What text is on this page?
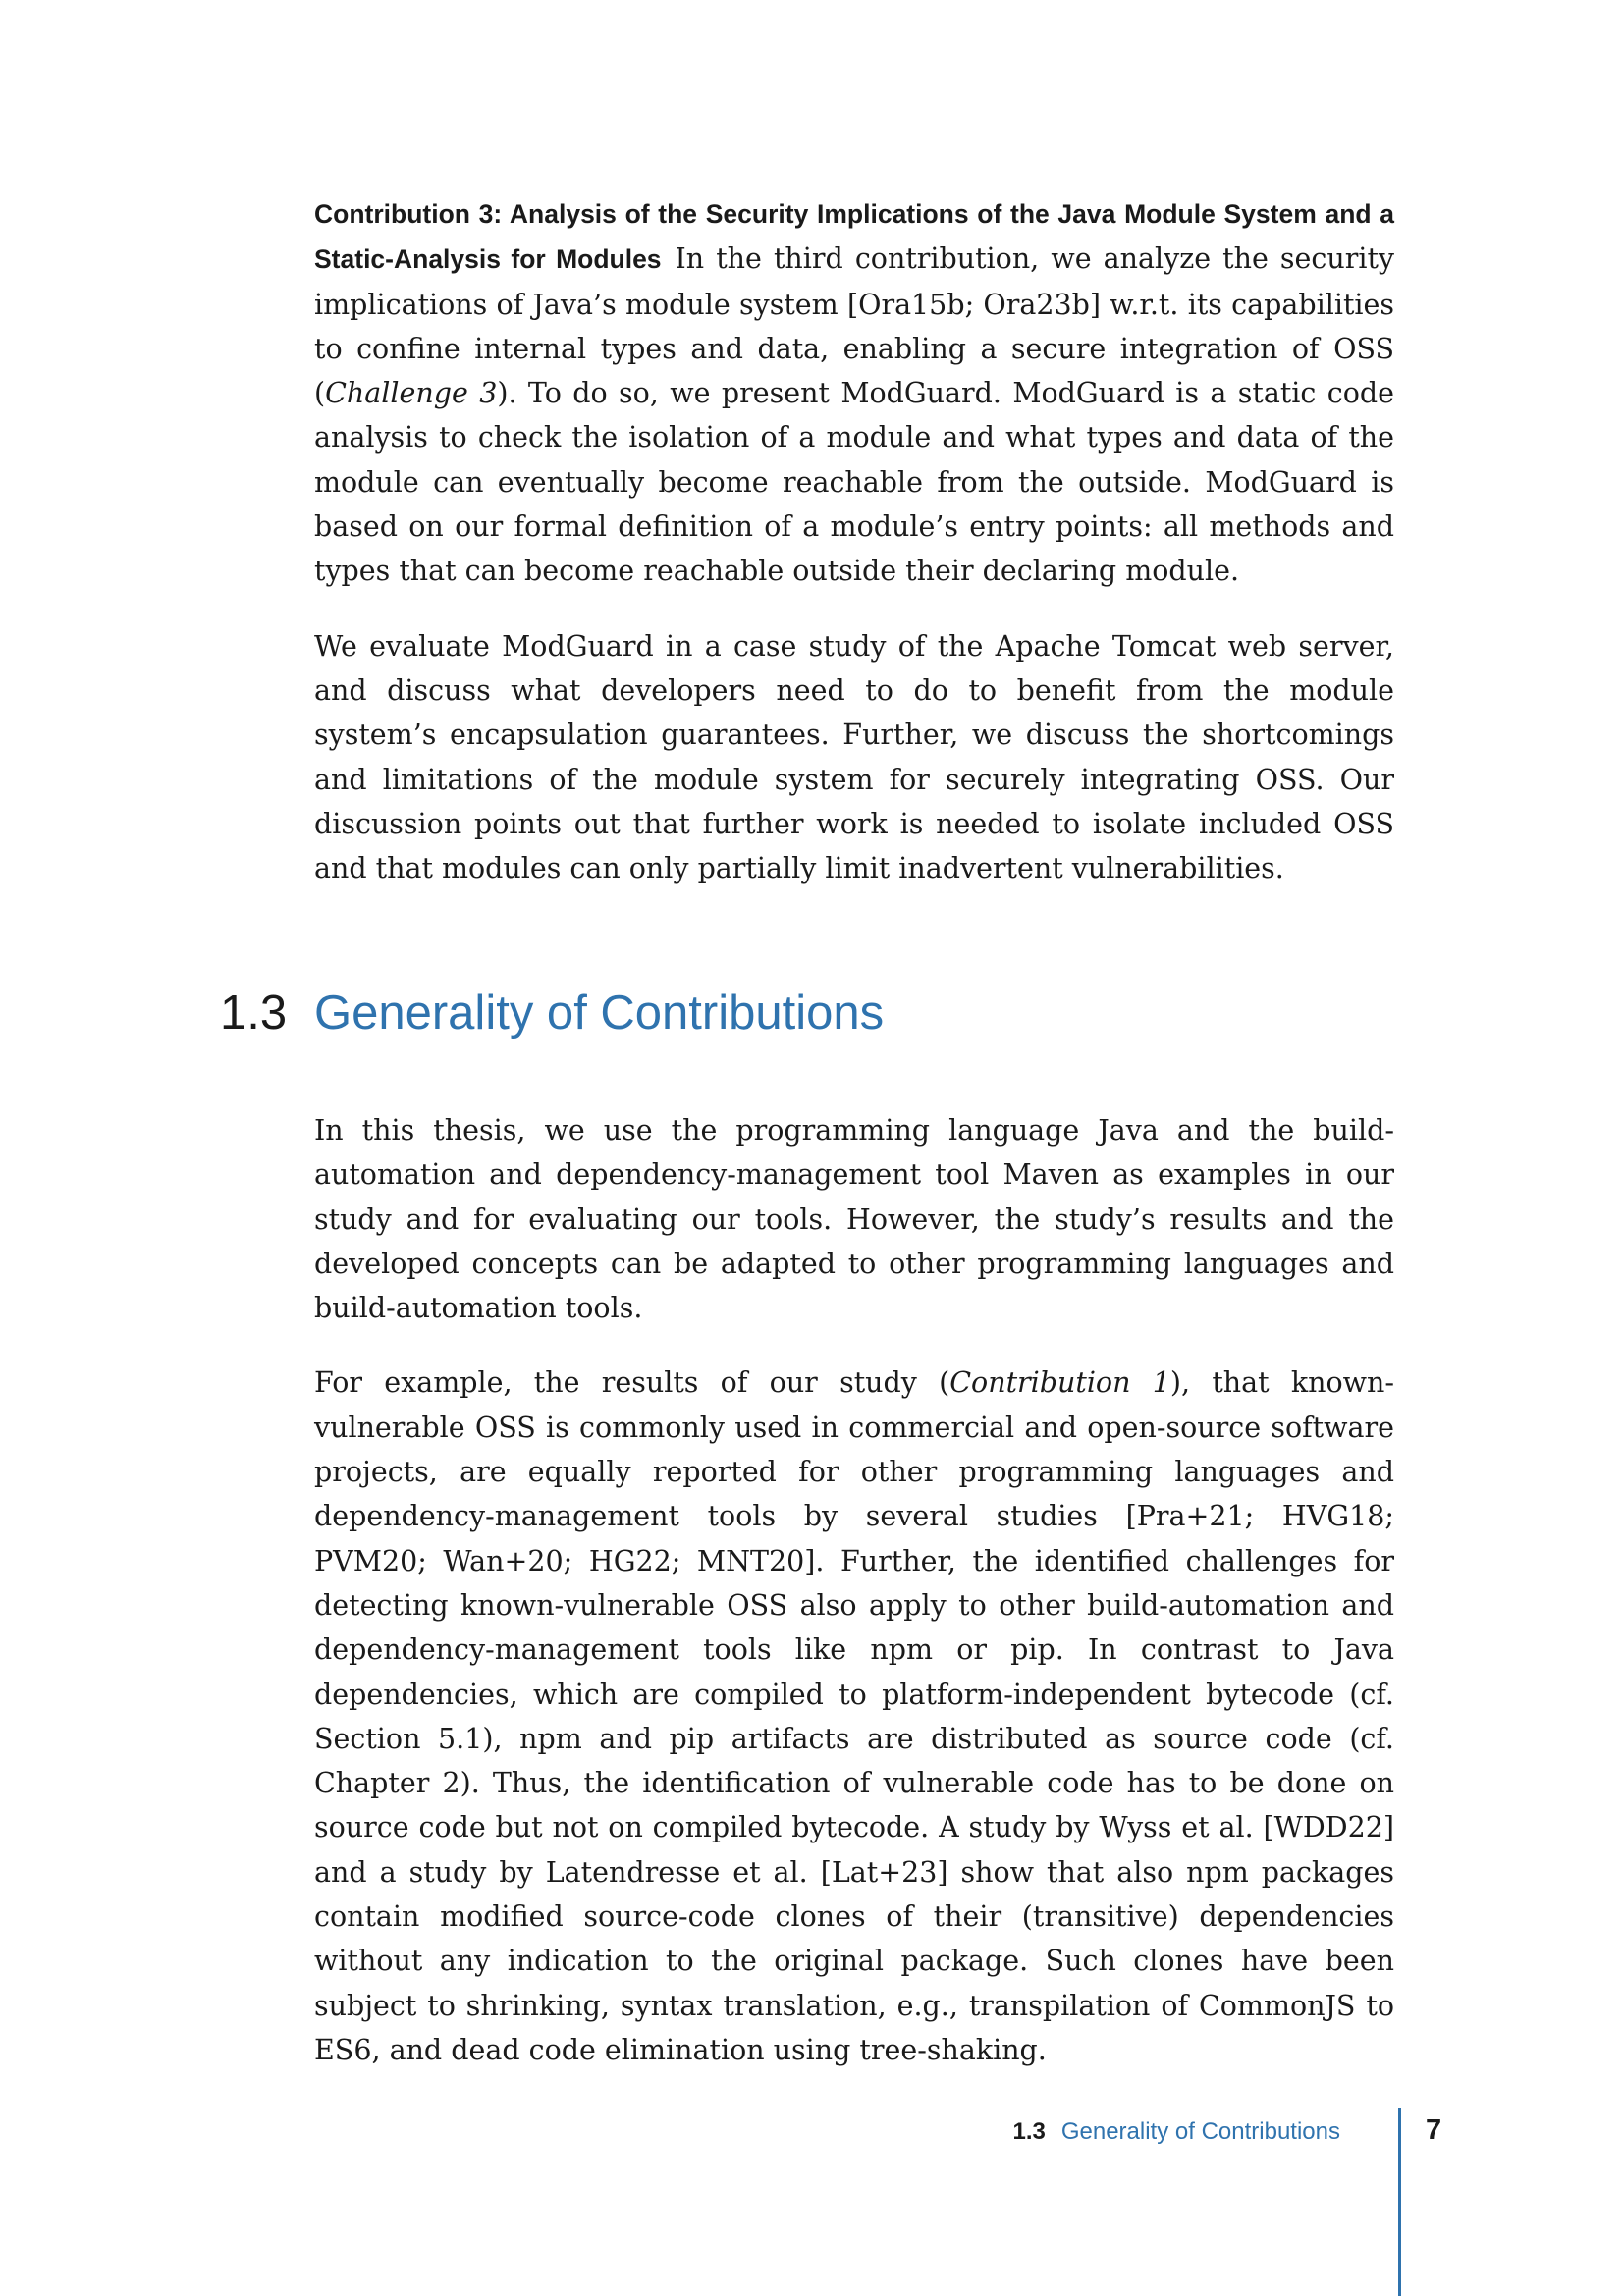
Contribution 3: Analysis of the Security Implications of the Java Module System and a Static-Analysis for Modules In the third contribution, we analyze the security implications of Java’s module system [Ora15b; Ora23b] w.r.t. its capabilities to confine internal types and data, enabling a secure integration of OSS (Challenge 3). To do so, we present ModGuard. ModGuard is a static code analysis to check the isolation of a module and what types and data of the module can eventually become reachable from the outside. ModGuard is based on our formal definition of a module’s entry points: all methods and types that can become reachable outside their declaring module.

We evaluate ModGuard in a case study of the Apache Tomcat web server, and discuss what developers need to do to benefit from the module system’s encapsulation guarantees. Further, we discuss the shortcomings and limitations of the module system for securely integrating OSS. Our discussion points out that further work is needed to isolate included OSS and that modules can only partially limit inadvertent vulnerabilities.

1.3 Generality of Contributions

In this thesis, we use the programming language Java and the build-automation and dependency-management tool Maven as examples in our study and for evaluating our tools. However, the study’s results and the developed concepts can be adapted to other programming languages and build-automation tools.

For example, the results of our study (Contribution 1), that known-vulnerable OSS is commonly used in commercial and open-source software projects, are equally reported for other programming languages and dependency-management tools by several studies [Pra+21; HVG18; PVM20; Wan+20; HG22; MNT20]. Further, the identified challenges for detecting known-vulnerable OSS also apply to other build-automation and dependency-management tools like npm or pip. In contrast to Java dependencies, which are compiled to platform-independent bytecode (cf. Section 5.1), npm and pip artifacts are distributed as source code (cf. Chapter 2). Thus, the identification of vulnerable code has to be done on source code but not on compiled bytecode. A study by Wyss et al. [WDD22] and a study by Latendresse et al. [Lat+23] show that also npm packages contain modified source-code clones of their (transitive) dependencies without any indication to the original package. Such clones have been subject to shrinking, syntax translation, e.g., transpilation of CommonJS to ES6, and dead code elimination using tree-shaking.

1.3 Generality of Contributions	7
